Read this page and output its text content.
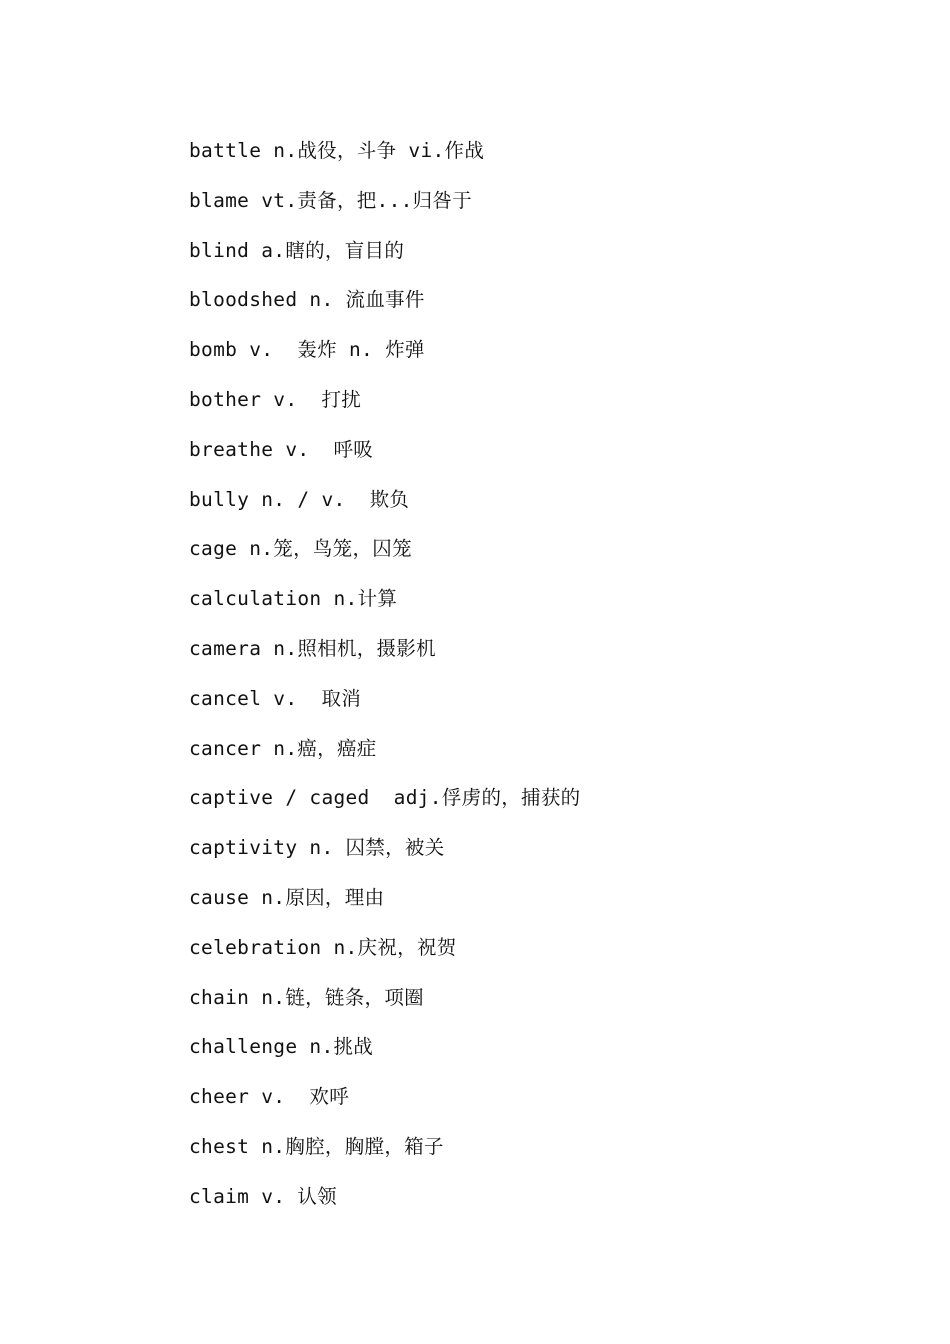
battle n.战役，斗争 vi.作战
blame vt.责备，把...归咎于
blind a.瞎的，盲目的
bloodshed n. 流血事件
bomb v.  轰炸 n. 炸弹
bother v.  打扰
breathe v.  呼吸
bully n. / v.  欺负
cage n.笼，鸟笼，囚笼
calculation n.计算
camera n.照相机，摄影机
cancel v.  取消
cancer n.癌，癌症
captive / caged  adj.俘虏的，捕获的
captivity n. 囚禁，被关
cause n.原因，理由
celebration n.庆祝，祝贺
chain n.链，链条，项圈
challenge n.挑战
cheer v.  欢呼
chest n.胸腔，胸膛，箱子
claim v. 认领
